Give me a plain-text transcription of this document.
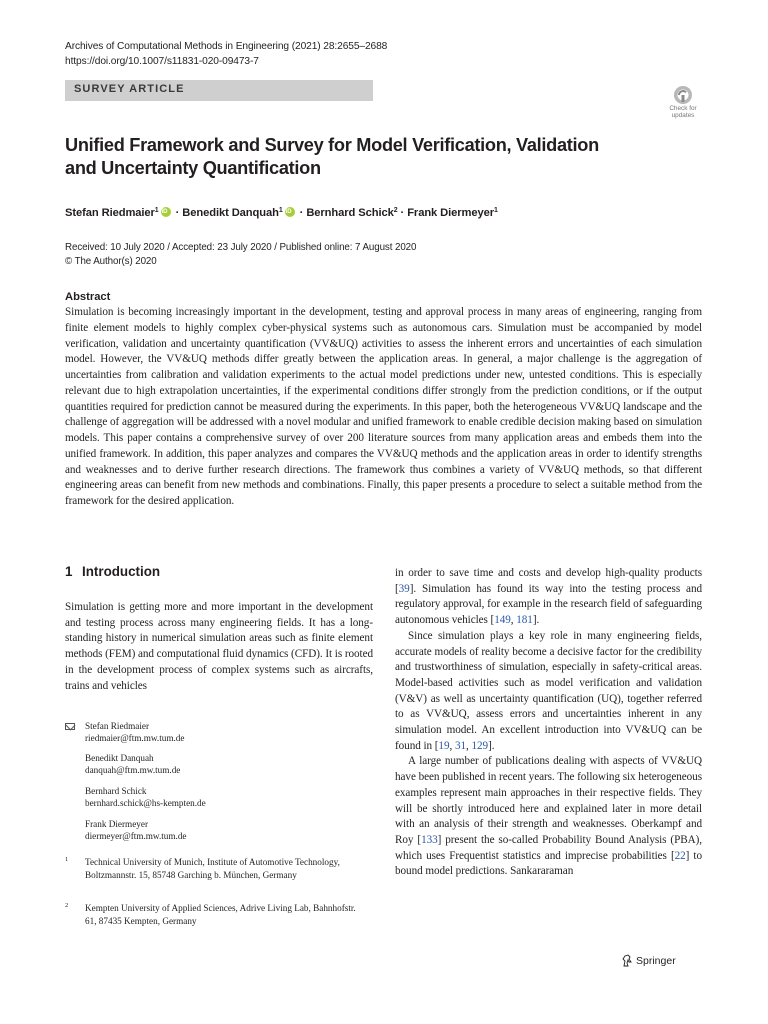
Archives of Computational Methods in Engineering (2021) 28:2655–2688
https://doi.org/10.1007/s11831-020-09473-7
SURVEY ARTICLE
Check for
updates
Unified Framework and Survey for Model Verification, Validation
and Uncertainty Quantification
Stefan Riedmaier$^1$iD · Benedikt Danquah$^1$iD · Bernhard Schick$^2$ · Frank Diermeyer$^1$
Received: 10 July 2020 / Accepted: 23 July 2020 / Published online: 7 August 2020
© The Author(s) 2020
Abstract
Simulation is becoming increasingly important in the development, testing and approval process in many areas of engineering, ranging from finite element models to highly complex cyber-physical systems such as autonomous cars. Simulation must be accompanied by model verification, validation and uncertainty quantification (VV&UQ) activities to assess the inherent errors and uncertainties of each simulation model. However, the VV&UQ methods differ greatly between the application areas. In general, a major challenge is the aggregation of uncertainties from calibration and validation experiments to the actual model predictions under new, untested conditions. This is especially relevant due to high extrapolation uncertainties, if the experimental conditions differ strongly from the prediction conditions, or if the output quantities required for prediction cannot be measured during the experiments. In this paper, both the heterogeneous VV&UQ landscape and the challenge of aggregation will be addressed with a novel modular and unified framework to enable credible decision making based on simulation models. This paper contains a comprehensive survey of over 200 literature sources from many application areas and embeds them into the unified framework. In addition, this paper analyzes and compares the VV&UQ methods and the application areas in order to identify strengths and weaknesses and to derive further research directions. The framework thus combines a variety of VV&UQ methods, so that different engineering areas can benefit from new methods and combinations. Finally, this paper presents a procedure to select a suitable method from the framework for the desired application.
1 Introduction

Simulation is getting more and more important in the development and testing process across many engineering fields. It has a long-standing history in numerical simulation areas such as finite element methods (FEM) and computational fluid dynamics (CFD). It is rooted in the development process of complex systems such as aircrafts, trains and vehicles

Stefan Riedmaier
riedmaier@ftm.mw.tum.de
Benedikt Danquah
danquah@ftm.mw.tum.de
Bernhard Schick
bernhard.schick@hs-kempten.de
Frank Diermeyer
diermeyer@ftm.mw.tum.de
1 Technical University of Munich, Institute of Automotive Technology, Boltzmannstr. 15, 85748 Garching b. München, Germany
2 Kempten University of Applied Sciences, Adrive Living Lab, Bahnhofstr. 61, 87435 Kempten, Germany

in order to save time and costs and develop high-quality products [39]. Simulation has found its way into the testing process and regulatory approval, for example in the research field of safeguarding autonomous vehicles [149, 181].

Since simulation plays a key role in many engineering fields, accurate models of reality become a decisive factor for the credibility and trustworthiness of simulation, especially in safety-critical areas. Model-based activities such as model verification and validation (V&V) as well as uncertainty quantification (UQ), together referred to as VV&UQ, assess errors and uncertainties inherent in any simulation model. An excellent introduction into VV&UQ can be found in [19, 31, 129].

A large number of publications dealing with aspects of VV&UQ have been published in recent years. The following six heterogeneous examples represent main approaches in their respective fields. They will be shortly introduced here and explained later in more detail with an analysis of their strength and weaknesses. Oberkampf and Roy [133] present the so-called Probability Bound Analysis (PBA), which uses Frequentist statistics and imprecise probabilities [22] to bound model predictions. Sankararaman

Springer
